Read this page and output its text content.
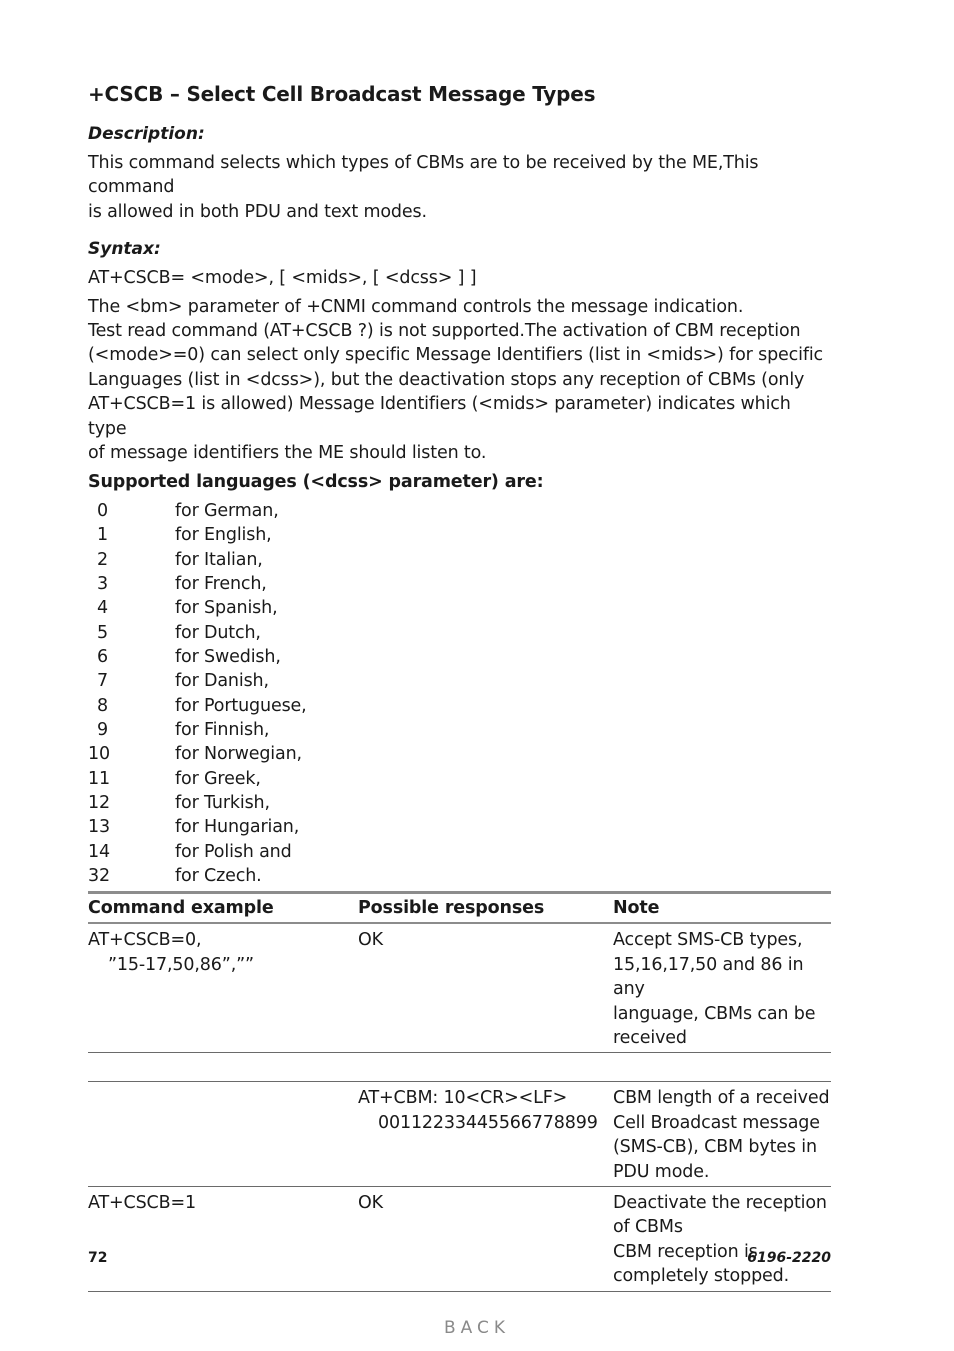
+CSCB – Select Cell Broadcast Message Types

Description:

This command selects which types of CBMs are to be received by the ME,This command

is allowed in both PDU and text modes.

Syntax:

AT+CSCB= <mode>, [ <mids>, [ <dcss> ] ]

The <bm> parameter of +CNMI command controls the message indication.

Test read command (AT+CSCB ?) is not supported.The activation of CBM reception

(<mode>=0) can select only specific Message Identifiers (list in <mids>) for specific

Languages (list in <dcss>), but the deactivation stops any reception of CBMs (only

AT+CSCB=1 is allowed) Message Identifiers (<mids> parameter) indicates which type

of message identifiers the ME should listen to.

Supported languages (<dcss> parameter) are:

0	for German,
1	for English,
2	for Italian,
3	for French,
4	for Spanish,
5	for Dutch,
6	for Swedish,
7	for Danish,
8	for Portuguese,
9	for Finnish,
10	for Norwegian,
11	for Greek,
12	for Turkish,
13	for Hungarian,
14	for Polish and
32	for Czech.
Command example	Possible responses	Note

AT+CSCB=0,
”15-17,50,86”,””	OK	Accept SMS-CB types,
15,16,17,50 and 86 in any
language, CBMs can be
received

	AT+CBM: 10<CR><LF>
00112233445566778899	CBM length of a received
Cell Broadcast message
(SMS-CB), CBM bytes in
PDU mode.

AT+CSCB=1	OK	Deactivate the reception
of CBMs
CBM reception is
completely stopped.
72	6196-2220
BACK
